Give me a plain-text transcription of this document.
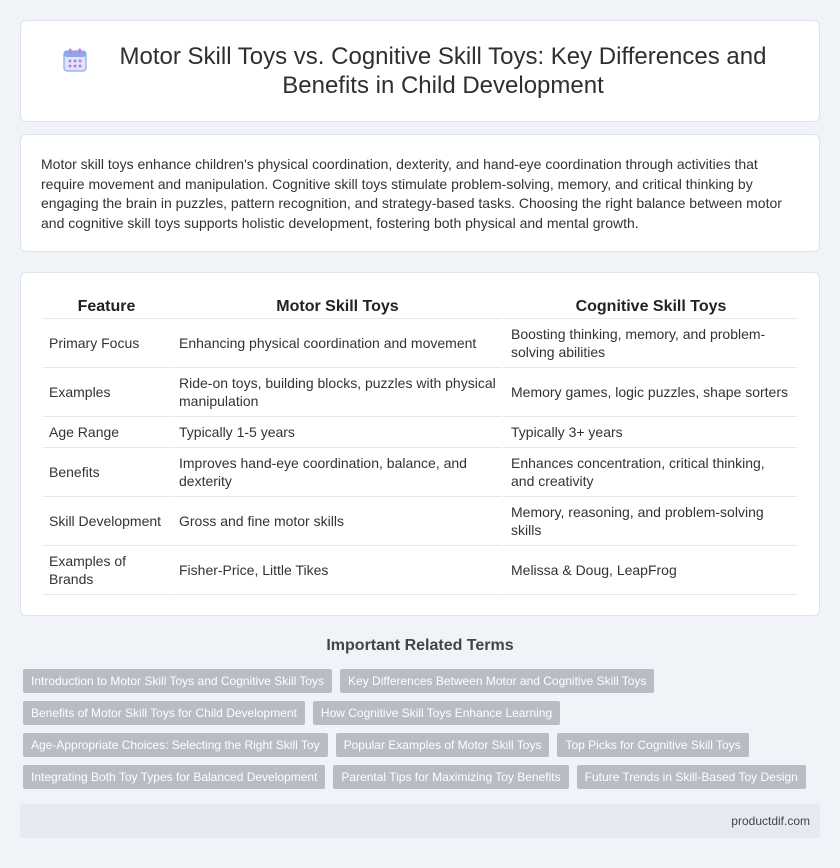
Motor Skill Toys vs. Cognitive Skill Toys: Key Differences and Benefits in Child Development

Motor skill toys enhance children's physical coordination, dexterity, and hand-eye coordination through activities that require movement and manipulation. Cognitive skill toys stimulate problem-solving, memory, and critical thinking by engaging the brain in puzzles, pattern recognition, and strategy-based tasks. Choosing the right balance between motor and cognitive skill toys supports holistic development, fostering both physical and mental growth.

Feature	Motor Skill Toys	Cognitive Skill Toys
Primary Focus	Enhancing physical coordination and movement	Boosting thinking, memory, and problem-solving abilities
Examples	Ride-on toys, building blocks, puzzles with physical manipulation	Memory games, logic puzzles, shape sorters
Age Range	Typically 1-5 years	Typically 3+ years
Benefits	Improves hand-eye coordination, balance, and dexterity	Enhances concentration, critical thinking, and creativity
Skill Development	Gross and fine motor skills	Memory, reasoning, and problem-solving skills
Examples of Brands	Fisher-Price, Little Tikes	Melissa & Doug, LeapFrog
Important Related Terms
Introduction to Motor Skill Toys and Cognitive Skill Toys	Key Differences Between Motor and Cognitive Skill Toys
Benefits of Motor Skill Toys for Child Development	How Cognitive Skill Toys Enhance Learning
Age-Appropriate Choices: Selecting the Right Skill Toy	Popular Examples of Motor Skill Toys	Top Picks for Cognitive Skill Toys
Integrating Both Toy Types for Balanced Development	Parental Tips for Maximizing Toy Benefits	Future Trends in Skill-Based Toy Design
productdif.com
